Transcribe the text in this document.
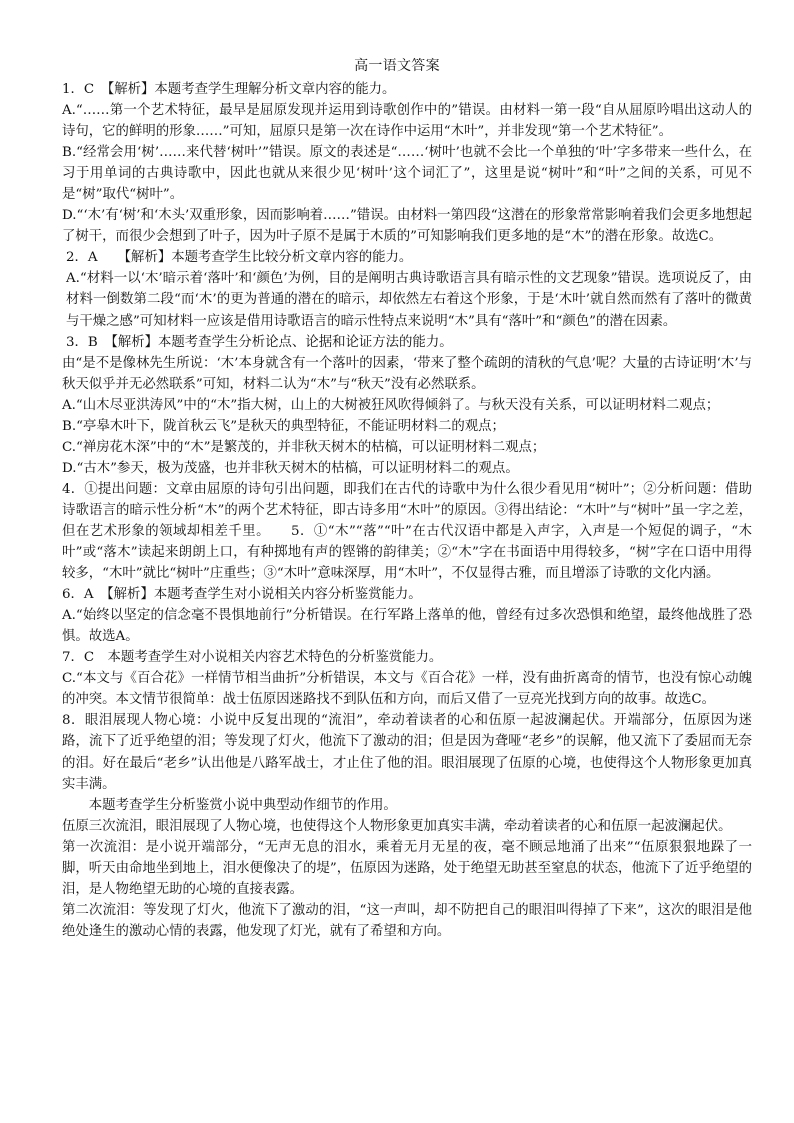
高一语文答案

1．C　【解析】本题考查学生理解分析文章内容的能力。

A.“……第一个艺术特征，最早是屈原发现并运用到诗歌创作中的”错误。由材料一第一段“自从屈原吟唱出这动人的诗句，它的鲜明的形象……”可知，屈原只是第一次在诗作中运用“木叶”，并非发现“第一个艺术特征”。

B.“经常会用‘树’……来代替‘树叶’”错误。原文的表述是“……‘树叶’也就不会比一个单独的‘叶’字多带来一些什么，在习于用单词的古典诗歌中，因此也就从来很少见‘树叶’这个词汇了”，这里是说“树叶”和“叶”之间的关系，可见不是“树”取代“树叶”。

D.“‘木’有‘树’和‘木头’双重形象，因而影响着……”错误。由材料一第四段“这潜在的形象常常影响着我们会更多地想起了树干，而很少会想到了叶子，因为叶子原不是属于木质的”可知影响我们更多地的是“木”的潜在形象。故选C。

2．A　　【解析】本题考查学生比较分析文章内容的能力。

A.“材料一以‘木’暗示着‘落叶’和‘颜色’为例，目的是阐明古典诗歌语言具有暗示性的文艺现象”错误。选项说反了，由材料一倒数第二段“而‘木’的更为普通的潜在的暗示，却依然左右着这个形象，于是‘木叶’就自然而然有了落叶的微黄与干燥之感”可知材料一应该是借用诗歌语言的暗示性特点来说明“木”具有“落叶”和“颜色”的潜在因素。

3．B　【解析】本题考查学生分析论点、论据和论证方法的能力。

由“是不是像林先生所说：‘木’本身就含有一个落叶的因素，‘带来了整个疏朗的清秋的气息’呢？大量的古诗证明‘木’与秋天似乎并无必然联系”可知，材料二认为“木”与“秋天”没有必然联系。

A.“山木尽亚洪涛风”中的“木”指大树，山上的大树被狂风吹得倾斜了。与秋天没有关系，可以证明材料二观点；

B.“亭皋木叶下，陇首秋云飞”是秋天的典型特征，不能证明材料二的观点；

C.“禅房花木深”中的“木”是繁茂的，并非秋天树木的枯槁，可以证明材料二观点；

D.“古木”参天，极为茂盛，也并非秋天树木的枯槁，可以证明材料二的观点。

4．①提出问题：文章由屈原的诗句引出问题，即我们在古代的诗歌中为什么很少看见用“树叶”；②分析问题：借助诗歌语言的暗示性分析“木”的两个艺术特征，即古诗多用“木叶”的原因。③得出结论：“木叶”与“树叶”虽一字之差，但在艺术形象的领域却相差千里。　　5．①“木”“落”“叶”在古代汉语中都是入声字，入声是一个短促的调子，“木叶”或“落木”读起来朗朗上口，有种掷地有声的铿锵的韵律美；②“木”字在书面语中用得较多，“树”字在口语中用得较多，“木叶”就比“树叶”庄重些；③“木叶”意味深厚，用“木叶”，不仅显得古雅，而且增添了诗歌的文化内涵。

6．A　【解析】本题考查学生对小说相关内容分析鉴赏能力。

A.“始终以坚定的信念毫不畏惧地前行”分析错误。在行军路上落单的他，曾经有过多次恐惧和绝望，最终他战胜了恐惧。故选A。

7．C　本题考查学生对小说相关内容艺术特色的分析鉴赏能力。

C.“本文与《百合花》一样情节相当曲折”分析错误，本文与《百合花》一样，没有曲折离奇的情节，也没有惊心动魄的冲突。本文情节很简单：战士伍原因迷路找不到队伍和方向，而后又借了一豆亮光找到方向的故事。故选C。

8．眼泪展现人物心境：小说中反复出现的“流泪”，牵动着读者的心和伍原一起波澜起伏。开端部分，伍原因为迷路，流下了近乎绝望的泪；等发现了灯火，他流下了激动的泪；但是因为聋哑“老乡”的误解，他又流下了委屈而无奈的泪。好在最后“老乡”认出他是八路军战士，才止住了他的泪。眼泪展现了伍原的心境，也使得这个人物形象更加真实丰满。

本题考查学生分析鉴赏小说中典型动作细节的作用。

伍原三次流泪，眼泪展现了人物心境，也使得这个人物形象更加真实丰满，牵动着读者的心和伍原一起波澜起伏。

第一次流泪：是小说开端部分，“无声无息的泪水，乘着无月无星的夜，毫不顾忌地涌了出来”“伍原狠狠地跺了一脚，听天由命地坐到地上，泪水便像决了的堤”，伍原因为迷路，处于绝望无助甚至窒息的状态，他流下了近乎绝望的泪，是人物绝望无助的心境的直接表露。

第二次流泪：等发现了灯火，他流下了激动的泪，“这一声叫，却不防把自己的眼泪叫得掉了下来”，这次的眼泪是他绝处逢生的激动心情的表露，他发现了灯光，就有了希望和方向。
